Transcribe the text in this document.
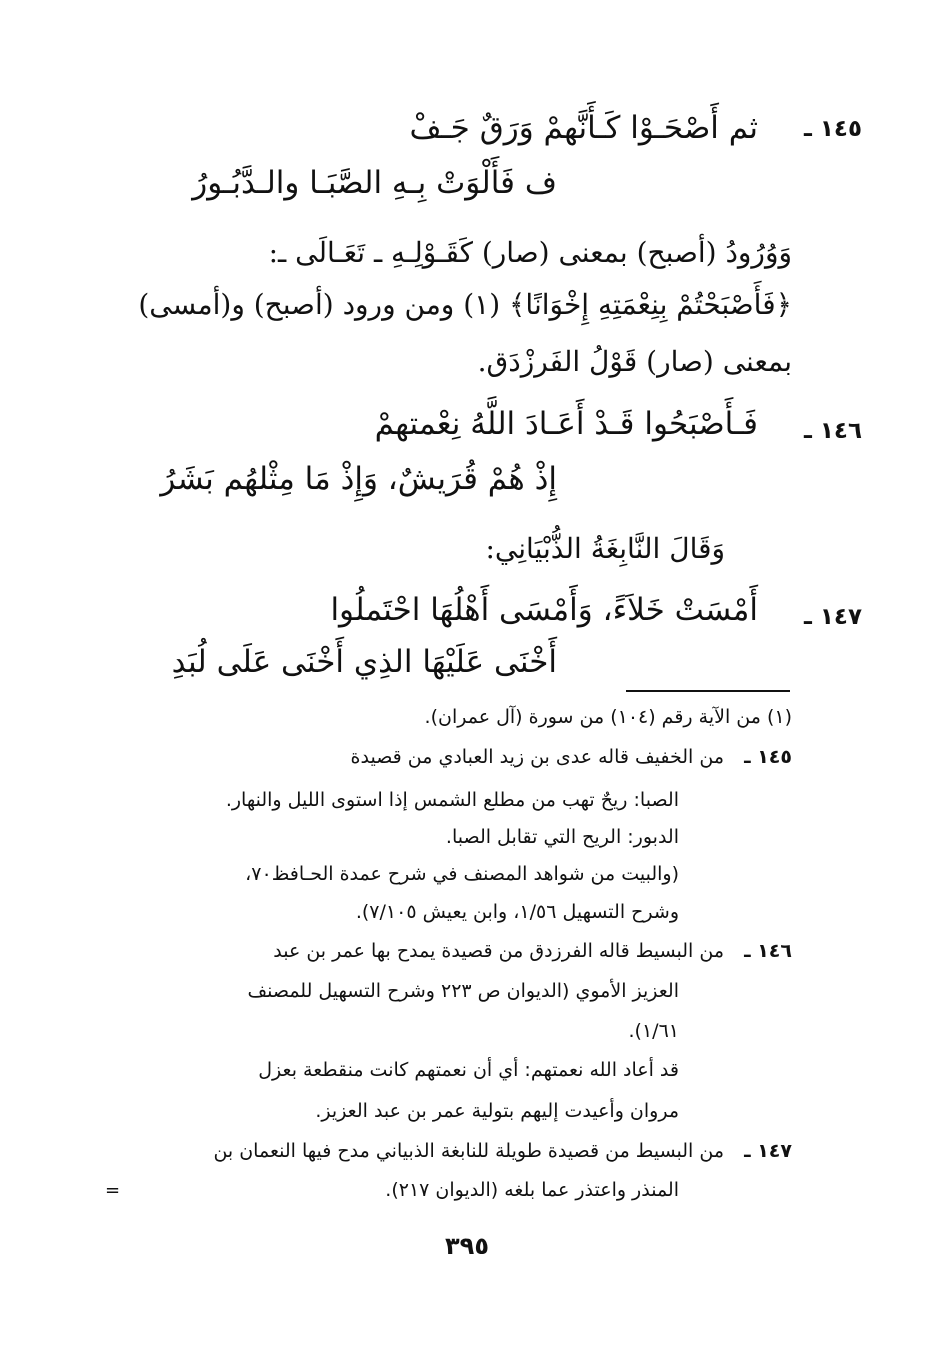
١٤٥ ـ
ثم أَصْحَـوْا كَـأَنَّهمْ وَرَقٌ جَـفْ
ف فَأَلْوَتْ بِـهِ الصَّبَـا والـدَّبُـورُ
وَوُرُودُ (أصبح) بمعنى (صار) كَقَـوْلِـهِ ـ تَعَـالَى ـ:
﴿فَأَصْبَحْتُمْ بِنِعْمَتِهِ إِخْوَانًا﴾ (١) ومن ورود (أصبح) و(أمسى)
بمعنى (صار) قَوْلُ الفَرزْدَق.
١٤٦ ـ
فَـأَصْبَحُوا قَـدْ أَعَـادَ اللَّهُ نِعْمتهمْ
إِذْ هُمْ قُرَيشٌ، وَإِذْ مَا مِثْلهُم بَشَرُ
وَقَالَ النَّابِغَةُ الذُّبْيَانِي:
١٤٧ ـ
أَمْسَتْ خَلاَءً، وَأَمْسَى أَهْلُهَا احْتَملُوا
أَخْنَى عَلَيْهَا الذِي أَخْنَى عَلَى لُبَدِ
(١) من الآية رقم (١٠٤) من سورة (آل عمران).
١٤٥ ـ
من الخفيف قاله عدى بن زيد العبادي من قصيدة
الصبا: ريحٌ تهب من مطلع الشمس إذا استوى الليل والنهار.
الدبور: الريح التي تقابل الصبا.
(والبيت من شواهد المصنف في شرح عمدة الحـافظ٧٠،
وشرح التسهيل ١/٥٦، وابن يعيش ٧/١٠٥).
١٤٦ ـ
من البسيط قاله الفرزدق من قصيدة يمدح بها عمر بن عبد
العزيز الأموي (الديوان ص ٢٢٣ وشرح التسهيل للمصنف
١/٦١).
قد أعاد الله نعمتهم: أي أن نعمتهم كانت منقطعة بعزل
مروان وأعيدت إليهم بتولية عمر بن عبد العزيز.
١٤٧ ـ
من البسيط من قصيدة طويلة للنابغة الذبياني مدح فيها النعمان بن
المنذر واعتذر عما بلغه (الديوان ٢١٧).
=
٣٩٥
